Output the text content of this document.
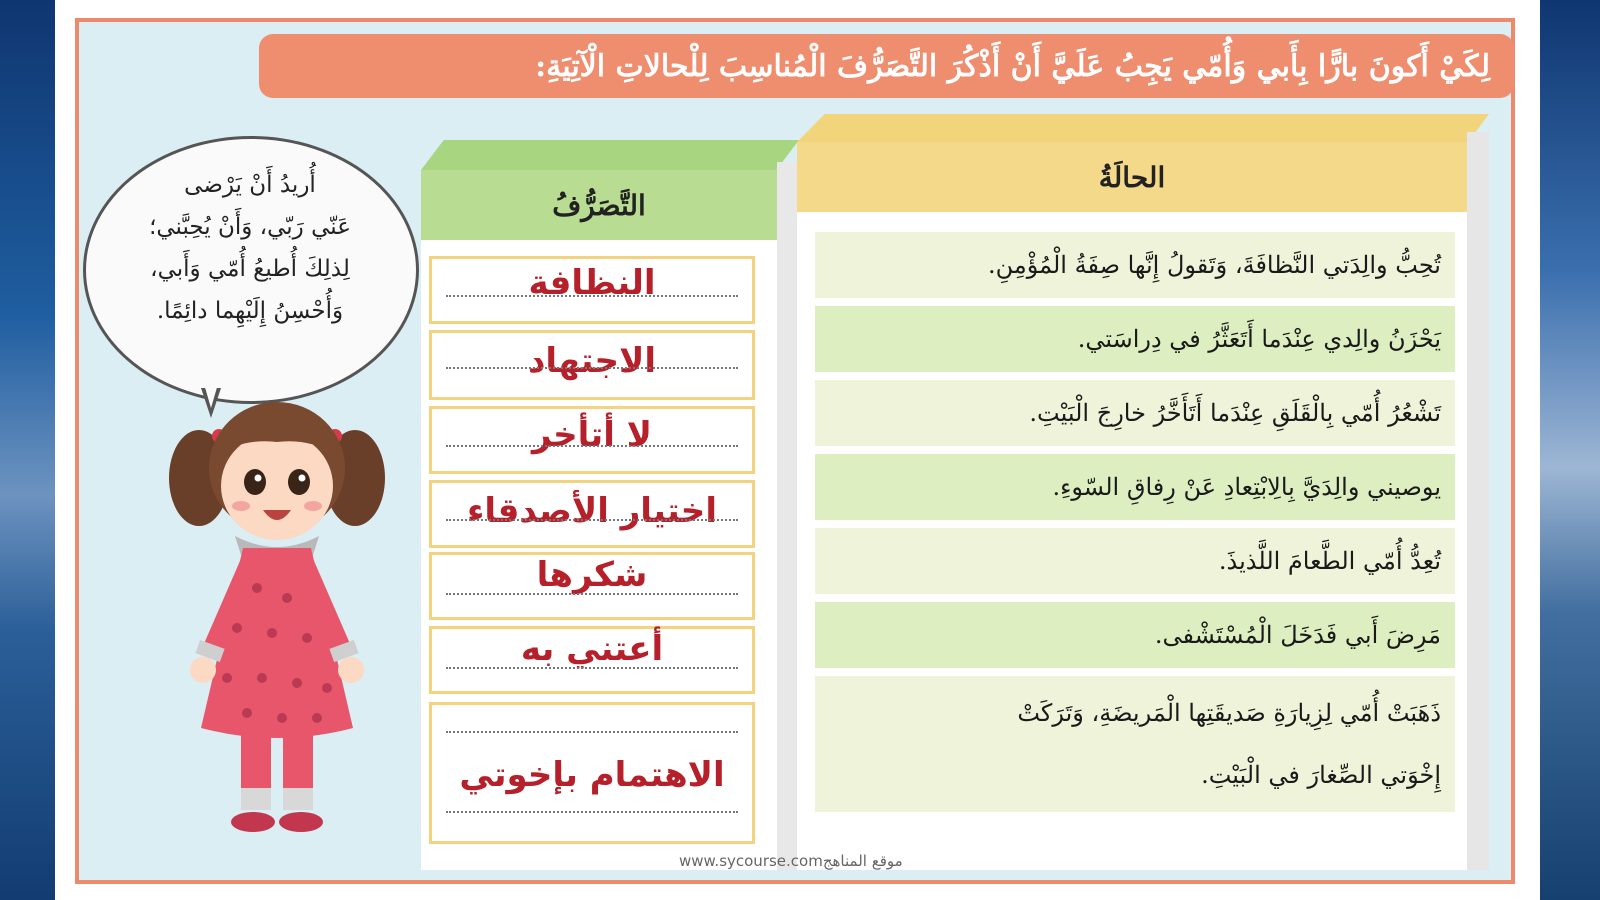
لِكَيْ أَكونَ بارًّا بِأَبي وَأُمّي يَجِبُ عَلَيَّ أَنْ أَذْكُرَ التَّصَرُّفَ الْمُناسِبَ لِلْحالاتِ الْآتِيَةِ:
أُريدُ أَنْ يَرْضى
عَنّي رَبّي، وَأَنْ يُحِبَّني؛
لِذلِكَ أُطيعُ أُمّي وَأَبي،
وَأُحْسِنُ إِلَيْهِما دائِمًا.
التَّصَرُّفُ
النظافة
الاجتهاد
لا أتأخر
اختيار الأصدقاء
شكرها
أعتني به
الاهتمام بإخوتي
الحالَةُ
تُحِبُّ والِدَتي النَّظافَةَ، وَتَقولُ إِنَّها صِفَةُ الْمُؤْمِنِ.
يَحْزَنُ والِدي عِنْدَما أَتَعَثَّرُ في دِراسَتي.
تَشْعُرُ أُمّي بِالْقَلَقِ عِنْدَما أَتَأَخَّرُ خارِجَ الْبَيْتِ.
يوصيني والِدَيَّ بِالِابْتِعادِ عَنْ رِفاقِ السّوءِ.
تُعِدُّ أُمّي الطَّعامَ اللَّذيذَ.
مَرِضَ أَبي فَدَخَلَ الْمُسْتَشْفى.
ذَهَبَتْ أُمّي لِزِيارَةِ صَديقَتِها الْمَريضَةِ، وَتَرَكَتْ
إِخْوَتي الصِّغارَ في الْبَيْتِ.
www.sycourse.comموقع المناهج
